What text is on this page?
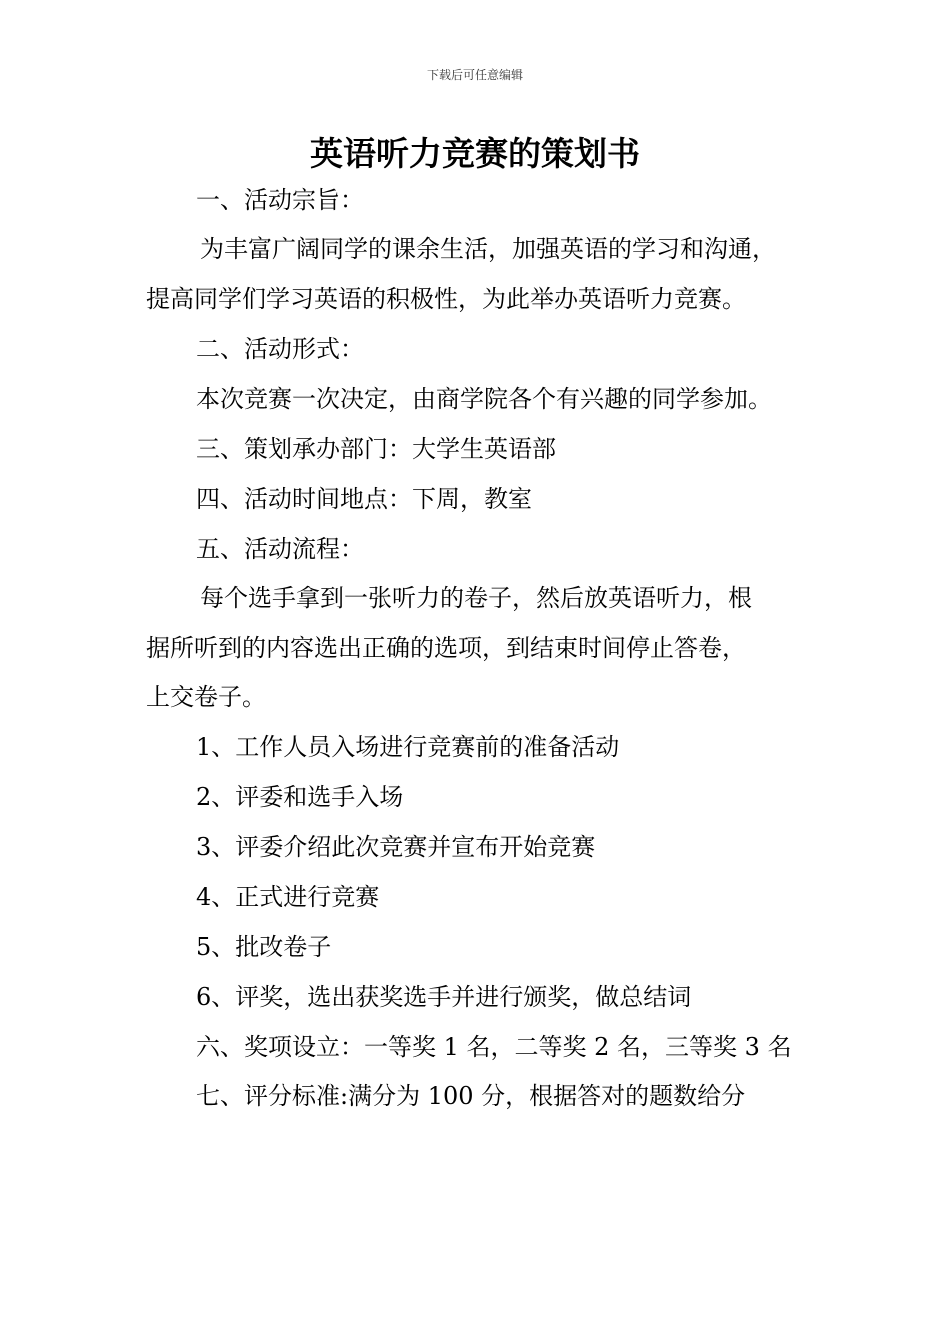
下载后可任意编辑
英语听力竞赛的策划书
一、活动宗旨：
为丰富广阔同学的课余生活，加强英语的学习和沟通，
提高同学们学习英语的积极性，为此举办英语听力竞赛。
二、活动形式：
本次竞赛一次决定，由商学院各个有兴趣的同学参加。
三、策划承办部门：大学生英语部
四、活动时间地点：下周，教室
五、活动流程：
每个选手拿到一张听力的卷子，然后放英语听力，根
据所听到的内容选出正确的选项，到结束时间停止答卷，
上交卷子。
1、工作人员入场进行竞赛前的准备活动
2、评委和选手入场
3、评委介绍此次竞赛并宣布开始竞赛
4、正式进行竞赛
5、批改卷子
6、评奖，选出获奖选手并进行颁奖，做总结词
六、奖项设立：一等奖 1 名，二等奖 2 名，三等奖 3 名
七、评分标准:满分为 100 分，根据答对的题数给分
